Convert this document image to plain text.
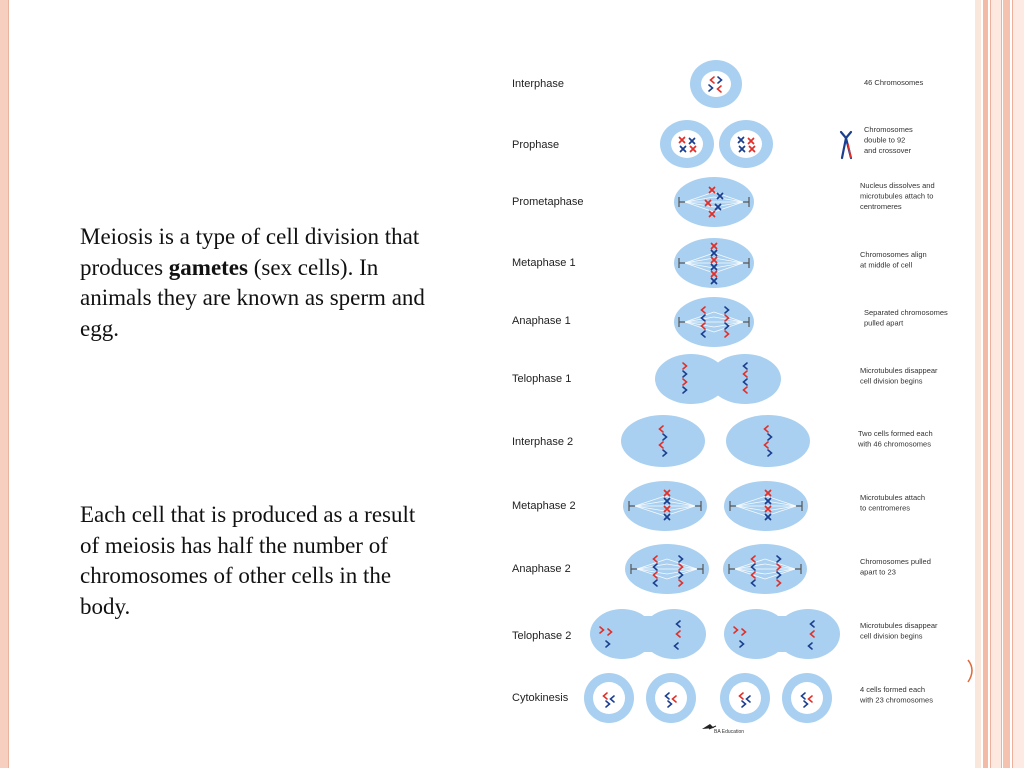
Meiosis is a type of cell division that produces gametes (sex cells). In animals they are known as sperm and egg.
Each cell that is produced as a result of meiosis has half the number of chromosomes of other cells in the body.
Interphase
Prophase
Prometaphase
Metaphase 1
Anaphase 1
Telophase 1
Interphase 2
Metaphase 2
Anaphase 2
Telophase 2
Cytokinesis
46 Chromosomes
Chromosomes
double to 92
and crossover
Nucleus dissolves and
microtubules attach to
centromeres
Chromosomes align
at middle of cell
Separated chromosomes
pulled apart
Microtubules disappear
cell division begins
Two cells formed each
with 46 chromosomes
Microtubules attach
to centromeres
Chromosomes pulled
apart to 23
Microtubules disappear
cell division begins
4 cells formed each
with 23 chromosomes
BA Education
